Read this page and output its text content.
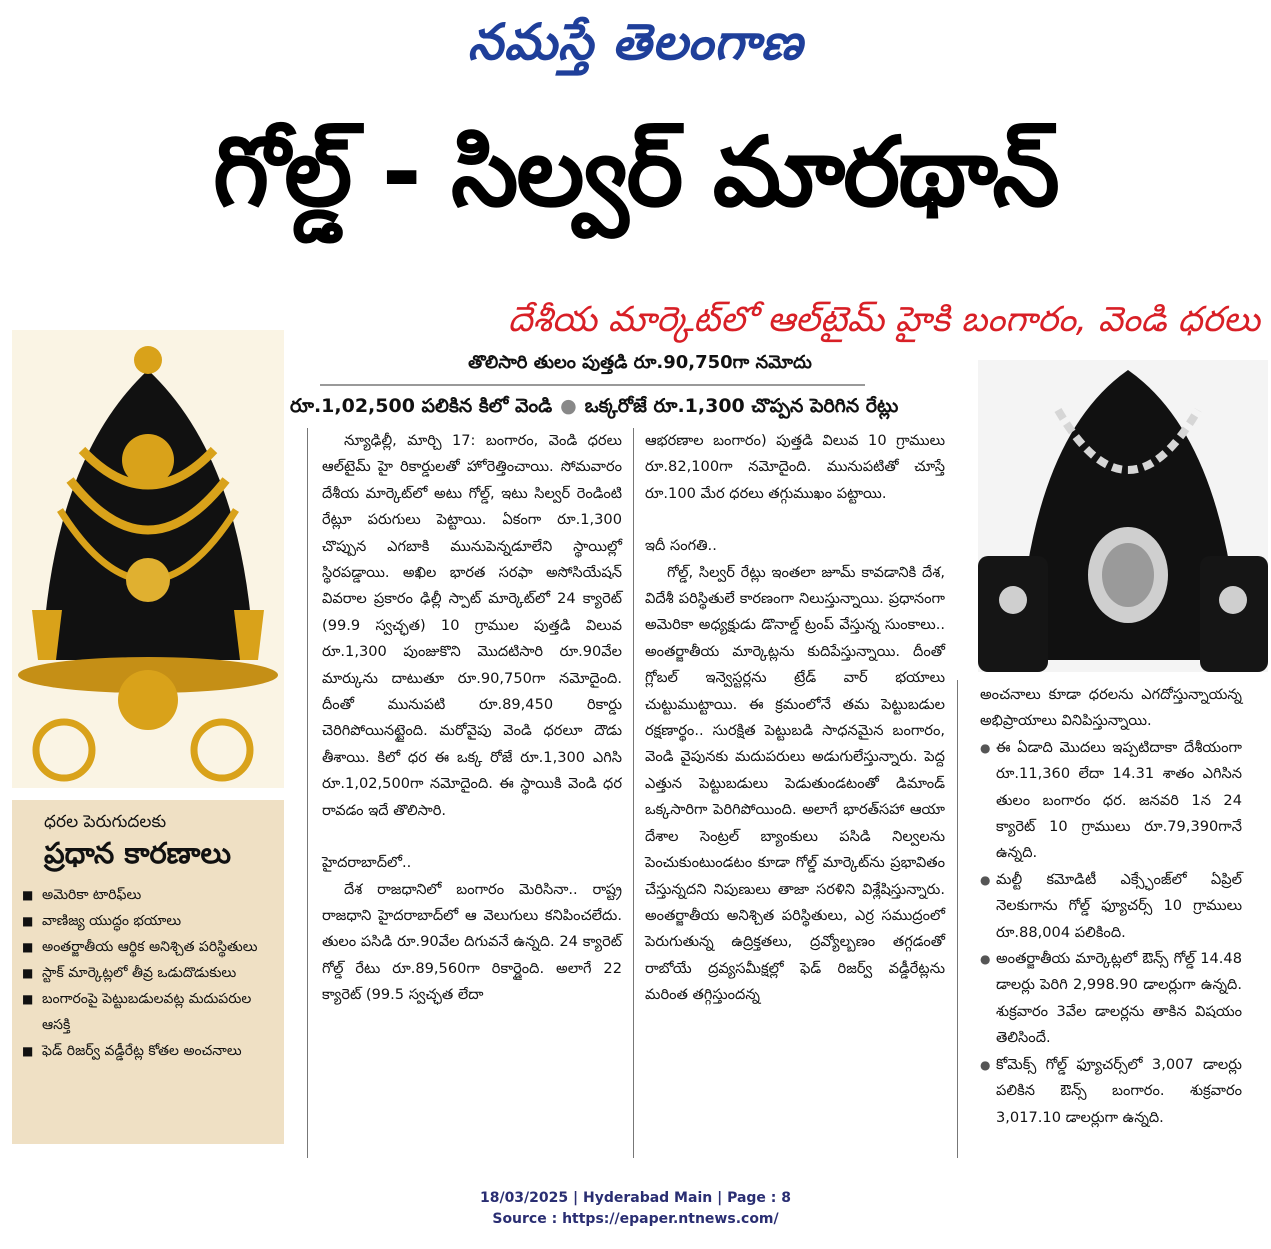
నమస్తే తెలంగాణ
గోల్డ్ - సిల్వర్ మారథాన్
దేశీయ మార్కెట్‌లో ఆల్‌టైమ్ హైకి బంగారం, వెండి ధరలు
తొలిసారి తులం పుత్తడి రూ.90,750గా నమోదు
రూ.1,02,500 పలికిన కిలో వెండి ● ఒక్కరోజే రూ.1,300 చొప్పన పెరిగిన రేట్లు
ధరల పెరుగుదలకు
ప్రధాన కారణాలు
■ అమెరికా టారిఫ్‌లు
■ వాణిజ్య యుద్ధం భయాలు
■ అంతర్జాతీయ ఆర్థిక అనిశ్చిత పరిస్థితులు
■ స్టాక్ మార్కెట్లలో తీవ్ర ఒడుదొడుకులు
■ బంగారంపై పెట్టుబడులవట్ల మదుపరుల ఆసక్తి
■ ఫెడ్ రిజర్వ్ వడ్డీరేట్ల కోతల అంచనాలు

న్యూఢిల్లీ, మార్చి 17: బంగారం, వెండి ధరలు ఆల్‌టైమ్ హై రికార్డులతో హోరెత్తించాయి. సోమవారం దేశీయ మార్కెట్‌లో అటు గోల్డ్, ఇటు సిల్వర్ రెండింటి రేట్లూ పరుగులు పెట్టాయి. ఏకంగా రూ.1,300 చొప్పున ఎగబాకి మునుపెన్నడూలేని స్థాయిల్లో స్థిరపడ్డాయి. అఖిల భారత సరఫా అసోసియేషన్ వివరాల ప్రకారం ఢిల్లీ స్పాట్ మార్కెట్‌లో 24 క్యారెట్ (99.9 స్వచ్ఛత) 10 గ్రాముల పుత్తడి విలువ రూ.1,300 పుంజుకొని మొదటిసారి రూ.90వేల మార్కును దాటుతూ రూ.90,750గా నమోదైంది. దీంతో మునుపటి రూ.89,450 రికార్డు చెరిగిపోయినట్టైంది. మరోవైపు వెండి ధరలూ దౌడు తీశాయి. కిలో ధర ఈ ఒక్క రోజే రూ.1,300 ఎగిసి రూ.1,02,500గా నమోదైంది. ఈ స్థాయికి వెండి ధర రావడం ఇదే తొలిసారి.

హైదరాబాద్‌లో..

దేశ రాజధానిలో బంగారం మెరిసినా.. రాష్ట్ర రాజధాని హైదరాబాద్‌లో ఆ వెలుగులు కనిపించలేదు. తులం పసిడి రూ.90వేల దిగువనే ఉన్నది. 24 క్యారెట్ గోల్డ్ రేటు రూ.89,560గా రికార్డైంది. అలాగే 22 క్యారెట్ (99.5 స్వచ్ఛత లేదా

ఆభరణాల బంగారం) పుత్తడి విలువ 10 గ్రాములు రూ.82,100గా నమోదైంది. మునుపటితో చూస్తే రూ.100 మేర ధరలు తగ్గుముఖం పట్టాయి.

ఇదీ సంగతి..

గోల్డ్, సిల్వర్ రేట్లు ఇంతలా జూమ్ కావడానికి దేశ, విదేశీ పరిస్థితులే కారణంగా నిలుస్తున్నాయి. ప్రధానంగా అమెరికా అధ్యక్షుడు డొనాల్డ్ ట్రంప్ వేస్తున్న సుంకాలు.. అంతర్జాతీయ మార్కెట్లను కుదిపేస్తున్నాయి. దీంతో గ్లోబల్ ఇన్వెస్టర్లను ట్రేడ్ వార్ భయాలు చుట్టుముట్టాయి. ఈ క్రమంలోనే తమ పెట్టుబడుల రక్షణార్థం.. సురక్షిత పెట్టుబడి సాధనమైన బంగారం, వెండి వైపునకు మదుపరులు అడుగులేస్తున్నారు. పెద్ద ఎత్తున పెట్టుబడులు పెడుతుండటంతో డిమాండ్ ఒక్కసారిగా పెరిగిపోయింది. అలాగే భారత్‌సహా ఆయా దేశాల సెంట్రల్ బ్యాంకులు పసిడి నిల్వలను పెంచుకుంటుండటం కూడా గోల్డ్ మార్కెట్‌ను ప్రభావితం చేస్తున్నదని నిపుణులు తాజా సరళిని విశ్లేషిస్తున్నారు. అంతర్జాతీయ అనిశ్చిత పరిస్థితులు, ఎర్ర సముద్రంలో పెరుగుతున్న ఉద్రిక్తతలు, ద్రవ్యోల్బణం తగ్గడంతో రాబోయే ద్రవ్యసమీక్షల్లో ఫెడ్ రిజర్వ్ వడ్డీరేట్లను మరింత తగ్గిస్తుందన్న

అంచనాలు కూడా ధరలను ఎగదోస్తున్నాయన్న అభిప్రాయాలు వినిపిస్తున్నాయి.

● ఈ ఏడాది మొదలు ఇప్పటిదాకా దేశీయంగా రూ.11,360 లేదా 14.31 శాతం ఎగిసిన తులం బంగారం ధర. జనవరి 1న 24 క్యారెట్ 10 గ్రాములు రూ.79,390గానే ఉన్నది.
● మల్టీ కమోడిటీ ఎక్స్ఛేంజ్‌లో ఏప్రిల్ నెలకుగాను గోల్డ్ ఫ్యూచర్స్ 10 గ్రాములు రూ.88,004 పలికింది.
● అంతర్జాతీయ మార్కెట్లలో ఔన్స్ గోల్డ్ 14.48 డాలర్లు పెరిగి 2,998.90 డాలర్లుగా ఉన్నది. శుక్రవారం 3వేల డాలర్లను తాకిన విషయం తెలిసిందే.
● కోమెక్స్ గోల్డ్ ఫ్యూచర్స్‌లో 3,007 డాలర్లు పలికిన ఔన్స్ బంగారం. శుక్రవారం 3,017.10 డాలర్లుగా ఉన్నది.
18/03/2025 | Hyderabad Main | Page : 8
Source : https://epaper.ntnews.com/
